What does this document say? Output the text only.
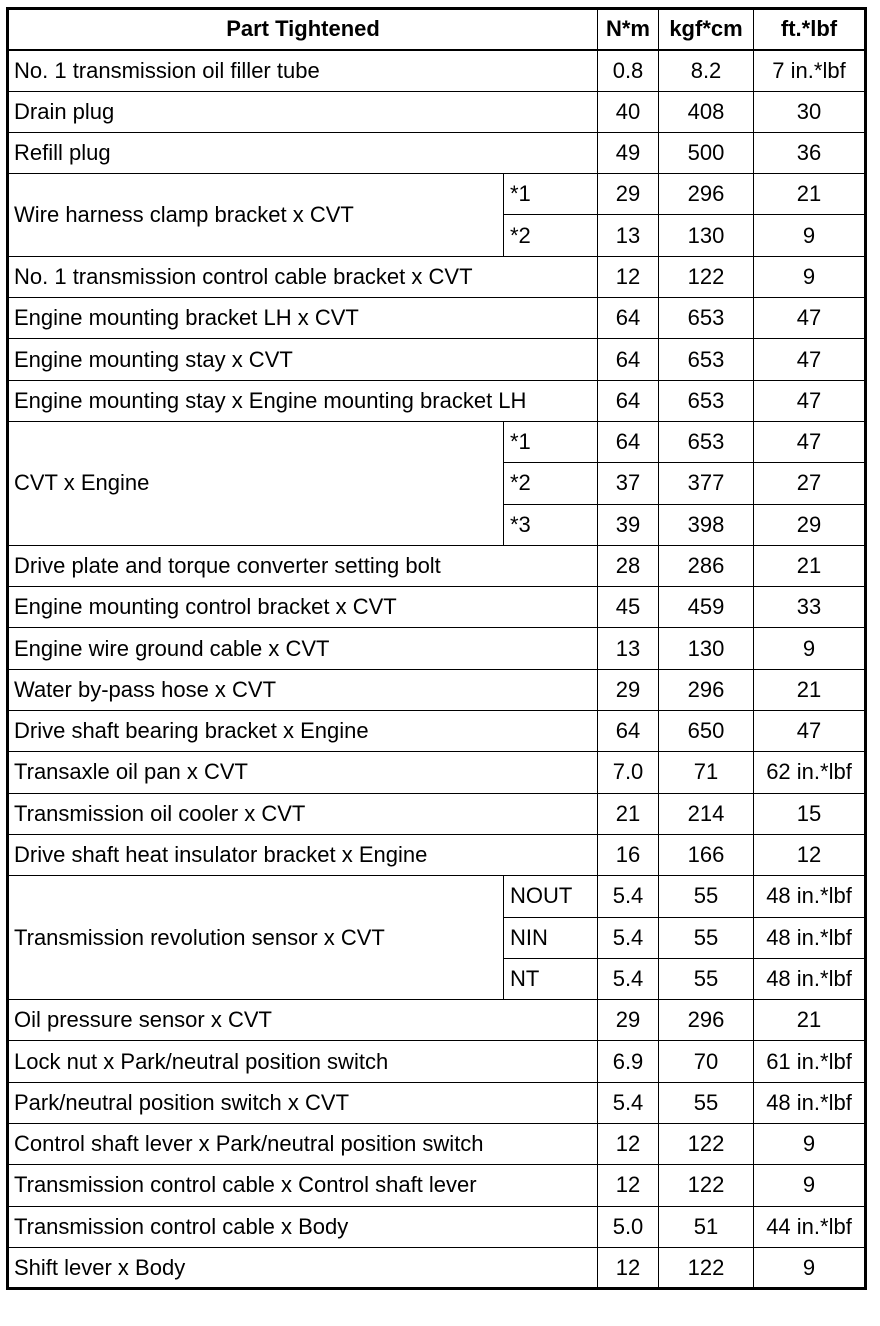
Part Tightened		N*m	kgf*cm	ft.*lbf
No. 1 transmission oil filler tube		0.8	8.2	7 in.*lbf
Drain plug		40	408	30
Refill plug		49	500	36
Wire harness clamp bracket x CVT	*1	29	296	21
	*2	13	130	9
No. 1 transmission control cable bracket x CVT		12	122	9
Engine mounting bracket LH x CVT		64	653	47
Engine mounting stay x CVT		64	653	47
Engine mounting stay x Engine mounting bracket LH		64	653	47
CVT x Engine	*1	64	653	47
	*2	37	377	27
	*3	39	398	29
Drive plate and torque converter setting bolt		28	286	21
Engine mounting control bracket x CVT		45	459	33
Engine wire ground cable x CVT		13	130	9
Water by-pass hose x CVT		29	296	21
Drive shaft bearing bracket x Engine		64	650	47
Transaxle oil pan x CVT		7.0	71	62 in.*lbf
Transmission oil cooler x CVT		21	214	15
Drive shaft heat insulator bracket x Engine		16	166	12
Transmission revolution sensor x CVT	NOUT	5.4	55	48 in.*lbf
	NIN	5.4	55	48 in.*lbf
	NT	5.4	55	48 in.*lbf
Oil pressure sensor x CVT		29	296	21
Lock nut x Park/neutral position switch		6.9	70	61 in.*lbf
Park/neutral position switch x CVT		5.4	55	48 in.*lbf
Control shaft lever x Park/neutral position switch		12	122	9
Transmission control cable x Control shaft lever		12	122	9
Transmission control cable x Body		5.0	51	44 in.*lbf
Shift lever x Body		12	122	9
